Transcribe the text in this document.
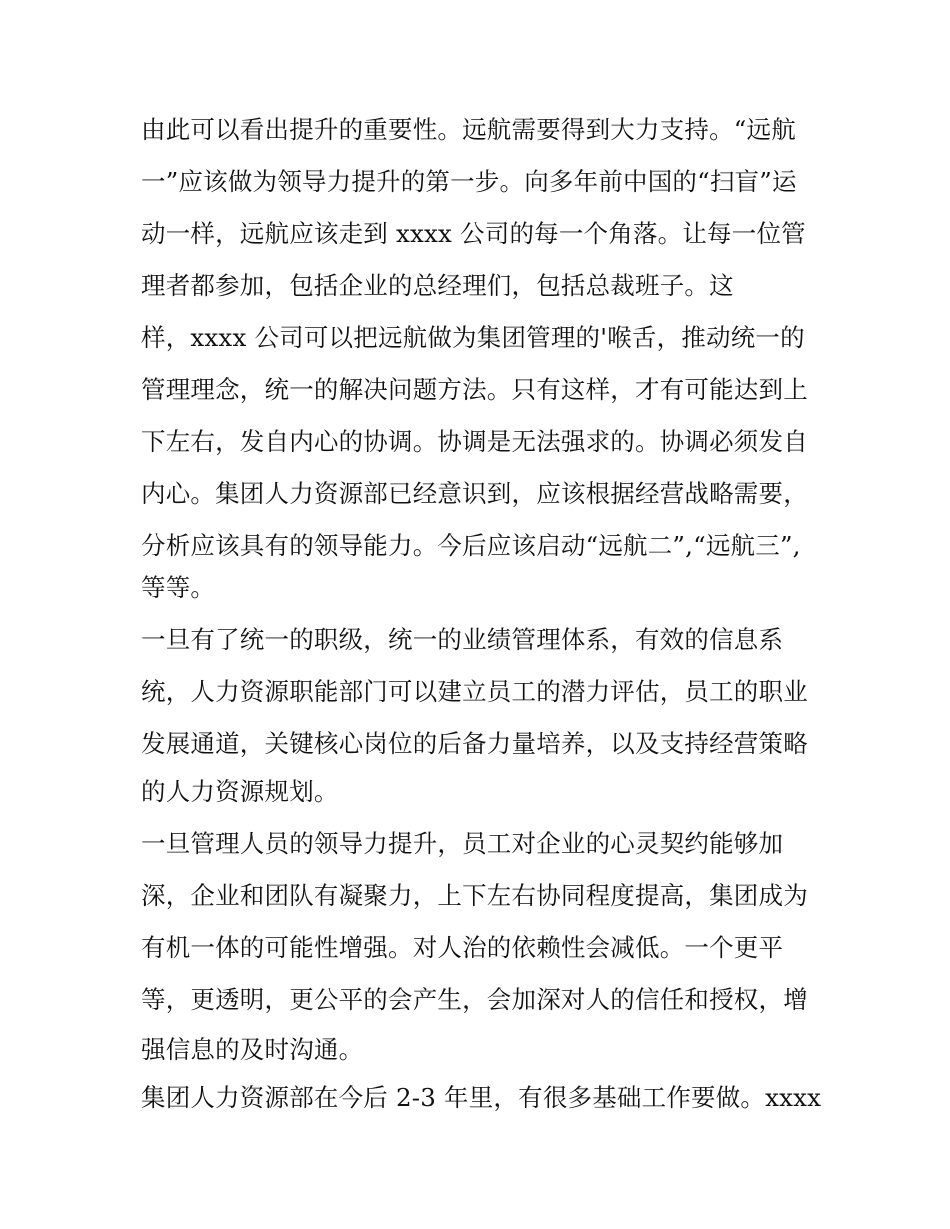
由此可以看出提升的重要性。远航需要得到大力支持。“远航
一”应该做为领导力提升的第一步。向多年前中国的“扫盲”运
动一样，远航应该走到 xxxx 公司的每一个角落。让每一位管
理者都参加，包括企业的总经理们，包括总裁班子。这
样，xxxx 公司可以把远航做为集团管理的'喉舌，推动统一的
管理理念，统一的解决问题方法。只有这样，才有可能达到上
下左右，发自内心的协调。协调是无法强求的。协调必须发自
内心。集团人力资源部已经意识到，应该根据经营战略需要，
分析应该具有的领导能力。今后应该启动“远航二”,“远航三”,
等等。
一旦有了统一的职级，统一的业绩管理体系，有效的信息系
统，人力资源职能部门可以建立员工的潜力评估，员工的职业
发展通道，关键核心岗位的后备力量培养，以及支持经营策略
的人力资源规划。
一旦管理人员的领导力提升，员工对企业的心灵契约能够加
深，企业和团队有凝聚力，上下左右协同程度提高，集团成为
有机一体的可能性增强。对人治的依赖性会减低。一个更平
等，更透明，更公平的会产生，会加深对人的信任和授权，增
强信息的及时沟通。
集团人力资源部在今后 2-3 年里，有很多基础工作要做。xxxx
